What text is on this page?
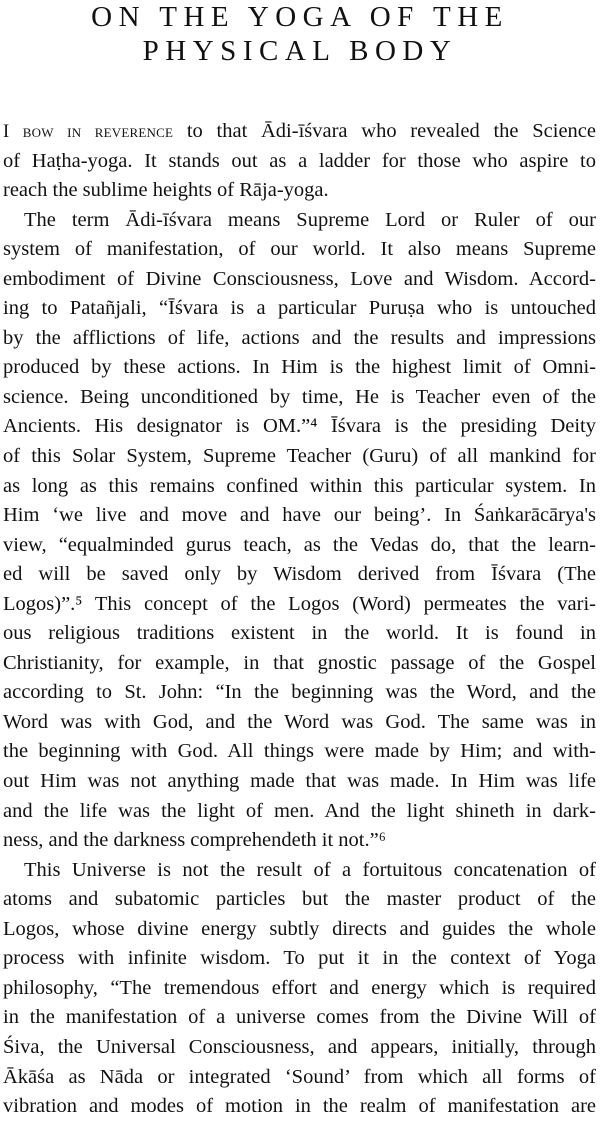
ON THE YOGA OF THE
PHYSICAL BODY
I bow in reverence to that Ādi-īśvara who revealed the Science
of Haṭha-yoga. It stands out as a ladder for those who aspire to
reach the sublime heights of Rāja-yoga.
The term Ādi-īśvara means Supreme Lord or Ruler of our
system of manifestation, of our world. It also means Supreme
embodiment of Divine Consciousness, Love and Wisdom. Accord-
ing to Patañjali, “Īśvara is a particular Puruṣa who is untouched
by the afflictions of life, actions and the results and impressions
produced by these actions. In Him is the highest limit of Omni-
science. Being unconditioned by time, He is Teacher even of the
Ancients. His designator is OM.”⁴ Īśvara is the presiding Deity
of this Solar System, Supreme Teacher (Guru) of all mankind for
as long as this remains confined within this particular system. In
Him ‘we live and move and have our being’. In Śaṅkarācārya's
view, “equalminded gurus teach, as the Vedas do, that the learn-
ed will be saved only by Wisdom derived from Īśvara (The
Logos)”.⁵ This concept of the Logos (Word) permeates the vari-
ous religious traditions existent in the world. It is found in
Christianity, for example, in that gnostic passage of the Gospel
according to St. John: “In the beginning was the Word, and the
Word was with God, and the Word was God. The same was in
the beginning with God. All things were made by Him; and with-
out Him was not anything made that was made. In Him was life
and the life was the light of men. And the light shineth in dark-
ness, and the darkness comprehendeth it not.”⁶
This Universe is not the result of a fortuitous concatenation of
atoms and subatomic particles but the master product of the
Logos, whose divine energy subtly directs and guides the whole
process with infinite wisdom. To put it in the context of Yoga
philosophy, “The tremendous effort and energy which is required
in the manifestation of a universe comes from the Divine Will of
Śiva, the Universal Consciousness, and appears, initially, through
Ākāśa as Nāda or integrated ‘Sound’ from which all forms of
vibration and modes of motion in the realm of manifestation are
